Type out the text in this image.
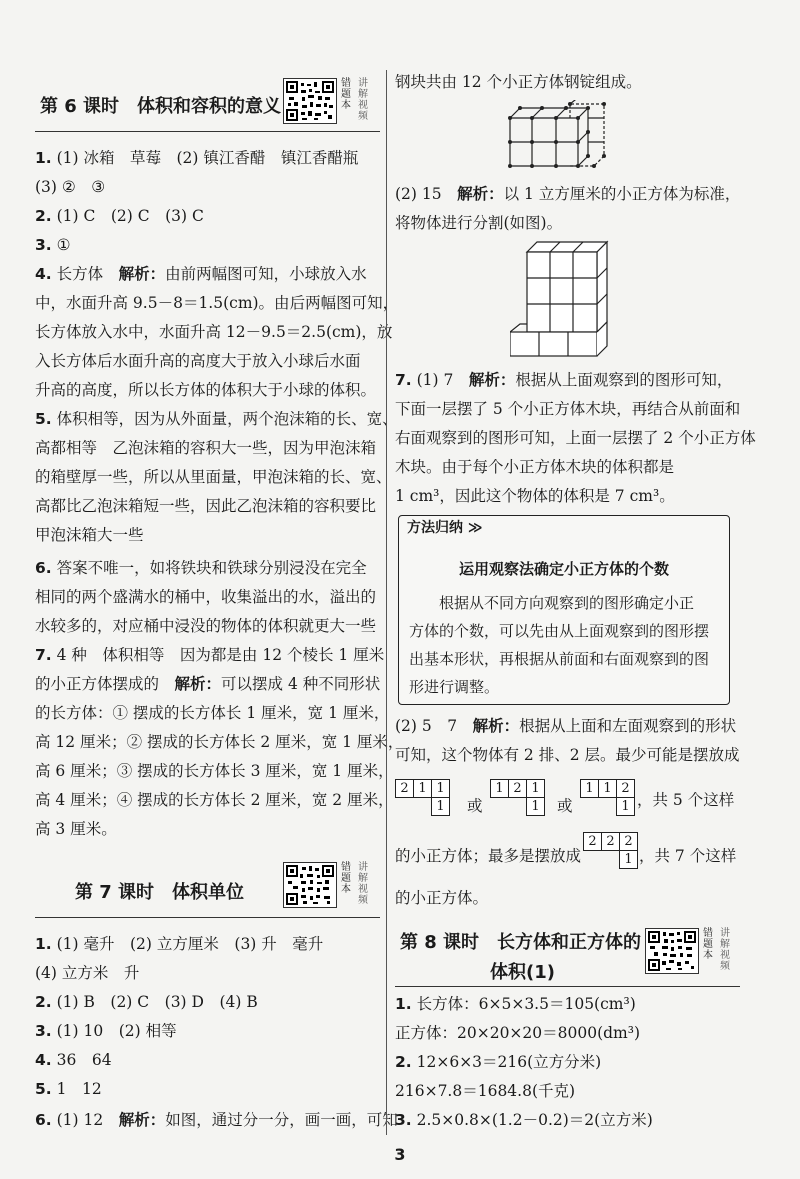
第 6 课时　体积和容积的意义
错题本
讲解视频
1. (1) 冰箱　草莓　(2) 镇江香醋　镇江香醋瓶
(3) ②　③
2. (1) C　(2) C　(3) C
3. ①
4. 长方体　解析：由前两幅图可知，小球放入水
中，水面升高 9.5－8＝1.5(cm)。由后两幅图可知，
长方体放入水中，水面升高 12－9.5＝2.5(cm)，放
入长方体后水面升高的高度大于放入小球后水面
升高的高度，所以长方体的体积大于小球的体积。
5. 体积相等，因为从外面量，两个泡沫箱的长、宽、
高都相等　乙泡沫箱的容积大一些，因为甲泡沫箱
的箱壁厚一些，所以从里面量，甲泡沫箱的长、宽、
高都比乙泡沫箱短一些，因此乙泡沫箱的容积要比
甲泡沫箱大一些
6. 答案不唯一，如将铁块和铁球分别浸没在完全
相同的两个盛满水的桶中，收集溢出的水，溢出的
水较多的，对应桶中浸没的物体的体积就更大一些
7. 4 种　体积相等　因为都是由 12 个棱长 1 厘米
的小正方体摆成的　解析：可以摆成 4 种不同形状
的长方体：① 摆成的长方体长 1 厘米，宽 1 厘米，
高 12 厘米；② 摆成的长方体长 2 厘米，宽 1 厘米，
高 6 厘米；③ 摆成的长方体长 3 厘米，宽 1 厘米，
高 4 厘米；④ 摆成的长方体长 2 厘米，宽 2 厘米，
高 3 厘米。
第 7 课时　体积单位
错题本
讲解视频
1. (1) 毫升　(2) 立方厘米　(3) 升　毫升
(4) 立方米　升
2. (1) B　(2) C　(3) D　(4) B
3. (1) 10　(2) 相等
4. 36　64
5. 1　12
6. (1) 12　解析：如图，通过分一分，画一画，可知
钢块共由 12 个小正方体钢锭组成。
(2) 15　解析：以 1 立方厘米的小正方体为标准，
将物体进行分割(如图)。
7. (1) 7　解析：根据从上面观察到的图形可知，
下面一层摆了 5 个小正方体木块，再结合从前面和
右面观察到的图形可知，上面一层摆了 2 个小正方体
木块。由于每个小正方体木块的体积都是
1 cm³，因此这个物体的体积是 7 cm³。
方法归纳 ≫
运用观察法确定小正方体的个数
　　根据从不同方向观察到的图形确定小正
方体的个数，可以先由从上面观察到的图形摆
出基本形状，再根据从前面和右面观察到的图
形进行调整。
(2) 5　7　解析：根据从上面和左面观察到的形状
可知，这个物体有 2 排、2 层。最少可能是摆放成
2 1 1
1	或
1 2 1
1	或
1 1 2
1 ，共 5 个这样
的小正方体；最多是摆放成
2 2 2
1 ，共 7 个这样
的小正方体。
第 8 课时　长方体和正方体的
体积(1)
错题本
讲解视频
1. 长方体：6×5×3.5＝105(cm³)
正方体：20×20×20＝8000(dm³)
2. 12×6×3＝216(立方分米)
216×7.8＝1684.8(千克)
3. 2.5×0.8×(1.2－0.2)＝2(立方米)
3
